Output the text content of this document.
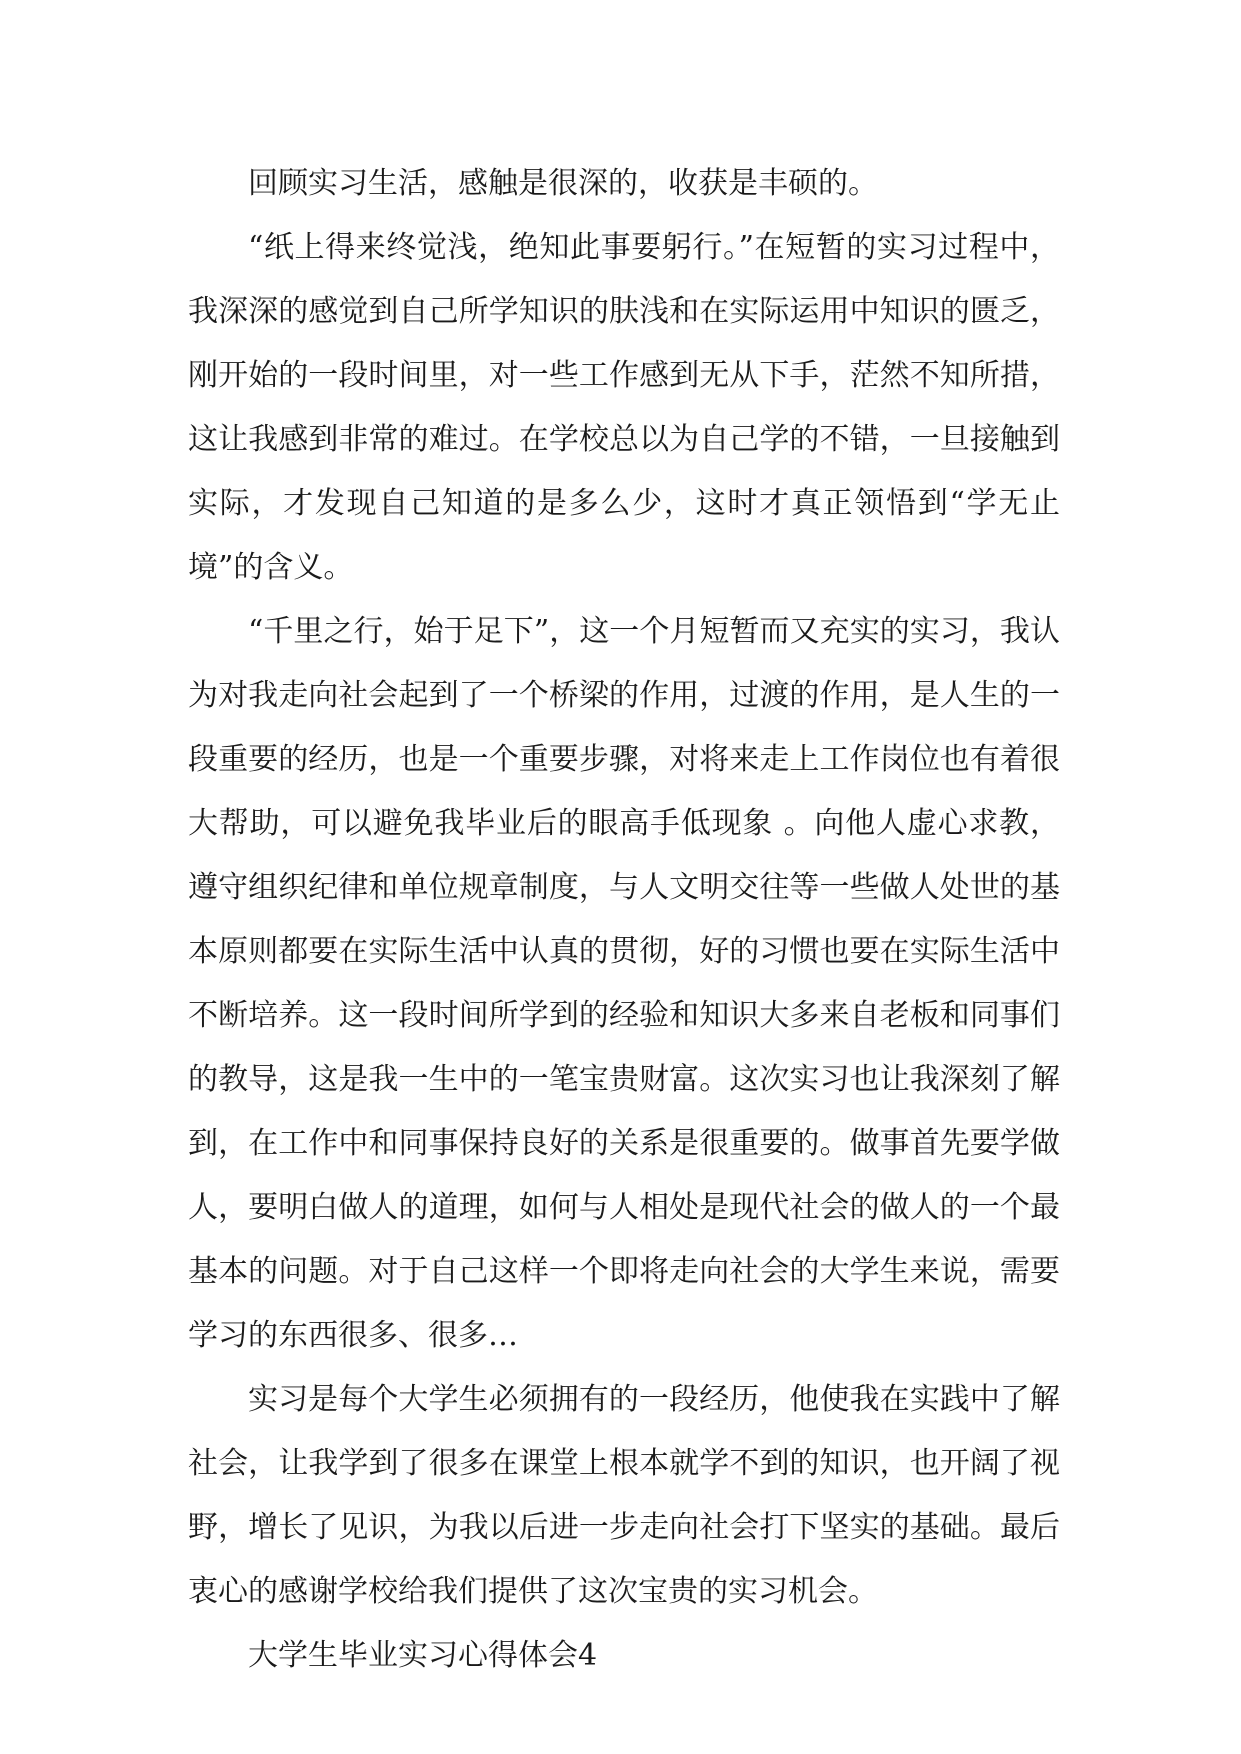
回顾实习生活，感触是很深的，收获是丰硕的。

“纸上得来终觉浅，绝知此事要躬行。”在短暂的实习过程中，我深深的感觉到自己所学知识的肤浅和在实际运用中知识的匮乏，刚开始的一段时间里，对一些工作感到无从下手，茫然不知所措，这让我感到非常的难过。在学校总以为自己学的不错，一旦接触到实际，才发现自己知道的是多么少，这时才真正领悟到“学无止境”的含义。

“千里之行，始于足下”，这一个月短暂而又充实的实习，我认为对我走向社会起到了一个桥梁的作用，过渡的作用，是人生的一段重要的经历，也是一个重要步骤，对将来走上工作岗位也有着很大帮助，可以避免我毕业后的眼高手低现象 。向他人虚心求教，遵守组织纪律和单位规章制度，与人文明交往等一些做人处世的基本原则都要在实际生活中认真的贯彻，好的习惯也要在实际生活中不断培养。这一段时间所学到的经验和知识大多来自老板和同事们的教导，这是我一生中的一笔宝贵财富。这次实习也让我深刻了解到，在工作中和同事保持良好的关系是很重要的。做事首先要学做人，要明白做人的道理，如何与人相处是现代社会的做人的一个最基本的问题。对于自己这样一个即将走向社会的大学生来说，需要学习的东西很多、很多…

实习是每个大学生必须拥有的一段经历，他使我在实践中了解社会，让我学到了很多在课堂上根本就学不到的知识，也开阔了视野，增长了见识，为我以后进一步走向社会打下坚实的基础。最后衷心的感谢学校给我们提供了这次宝贵的实习机会。

大学生毕业实习心得体会4
